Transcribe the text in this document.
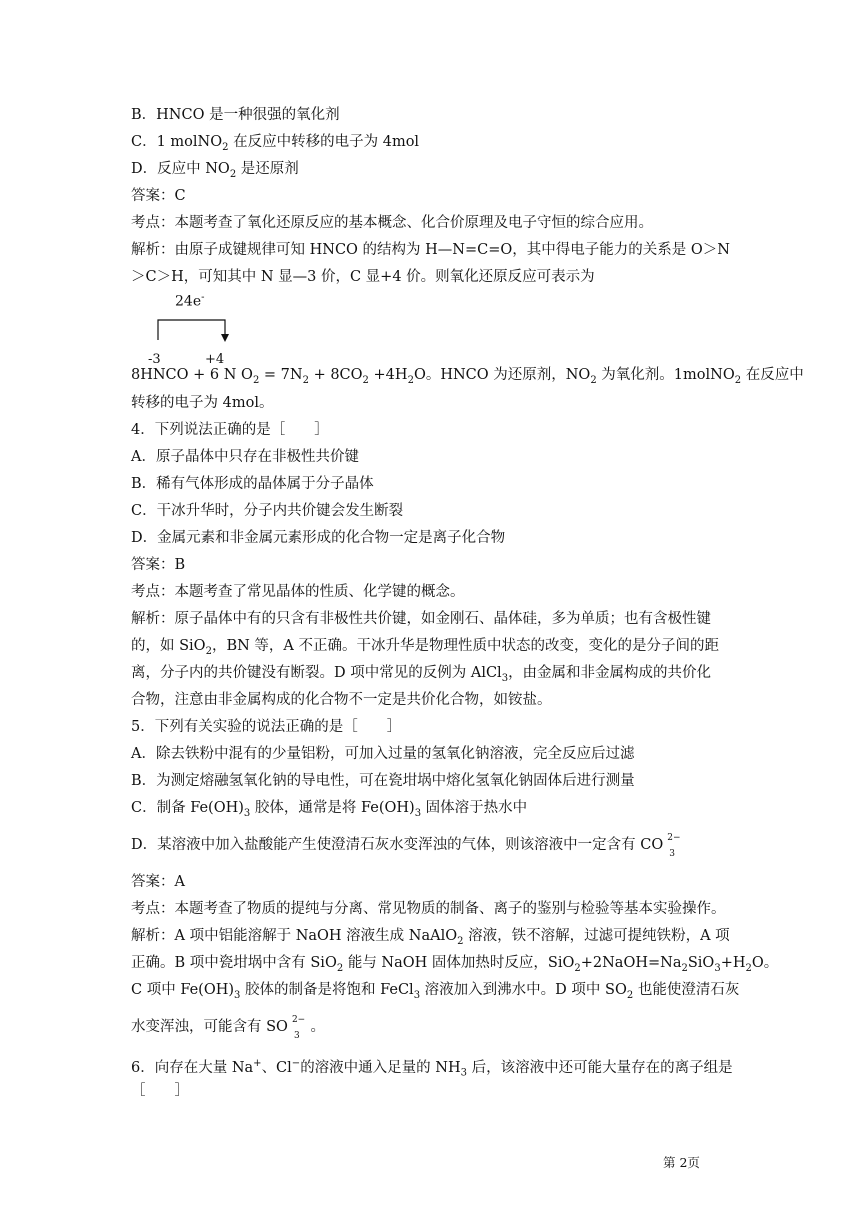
B．HNCO 是一种很强的氧化剂
C．1 molNO$_2$ 在反应中转移的电子为 4mol
D．反应中 $NO_2$ 是还原剂
答案：C
考点：本题考查了氧化还原反应的基本概念、化合价原理及电子守恒的综合应用。
解析：由原子成键规律可知 HNCO 的结构为 H—N=C=O，其中得电子能力的关系是 O＞N
＞C＞H，可知其中 N 显—3 价，C 显+4 价。则氧化还原反应可表示为
24e-
-3	+4
8HNCO + 6 N $O_2 = 7N_2 + 8CO_2 +4H_2O$。HNCO 为还原剂，$NO_2$ 为氧化剂。1molNO$_2$ 在反应中
转移的电子为 4mol。
4．下列说法正确的是［　　］
A．原子晶体中只存在非极性共价键
B．稀有气体形成的晶体属于分子晶体
C．干冰升华时，分子内共价键会发生断裂
D．金属元素和非金属元素形成的化合物一定是离子化合物
答案：B
考点：本题考查了常见晶体的性质、化学键的概念。
解析：原子晶体中有的只含有非极性共价键，如金刚石、晶体硅，多为单质；也有含极性键
的，如 SiO$_2$，BN 等，A 不正确。干冰升华是物理性质中状态的改变，变化的是分子间的距
离，分子内的共价键没有断裂。D 项中常见的反例为 AlCl$_3$，由金属和非金属构成的共价化
合物，注意由非金属构成的化合物不一定是共价化合物，如铵盐。
5．下列有关实验的说法正确的是［　　］
A．除去铁粉中混有的少量铝粉，可加入过量的氢氧化钠溶液，完全反应后过滤
B．为测定熔融氢氧化钠的导电性，可在瓷坩埚中熔化氢氧化钠固体后进行测量
C．制备 $Fe(OH)_3$ 胶体，通常是将 $Fe(OH)_3$ 固体溶于热水中
D．某溶液中加入盐酸能产生使澄清石灰水变浑浊的气体，则该溶液中一定含有 CO 2−
3
答案：A
考点：本题考查了物质的提纯与分离、常见物质的制备、离子的鉴别与检验等基本实验操作。
解析：A 项中铝能溶解于 NaOH 溶液生成 NaAlO$_2$ 溶液，铁不溶解，过滤可提纯铁粉，A 项
正确。B 项中瓷坩埚中含有 SiO$_2$ 能与 NaOH 固体加热时反应，$SiO_2+2NaOH=Na_2SiO_3+H_2O$。
C 项中 $Fe(OH)_3$ 胶体的制备是将饱和 FeCl$_3$ 溶液加入到沸水中。D 项中 $SO_2$ 也能使澄清石灰
水变浑浊，可能含有 SO 2−
3
。
6．向存在大量 Na+、Cl−的溶液中通入足量的 $NH_3$ 后，该溶液中还可能大量存在的离子组是
［　　］
第 2页
